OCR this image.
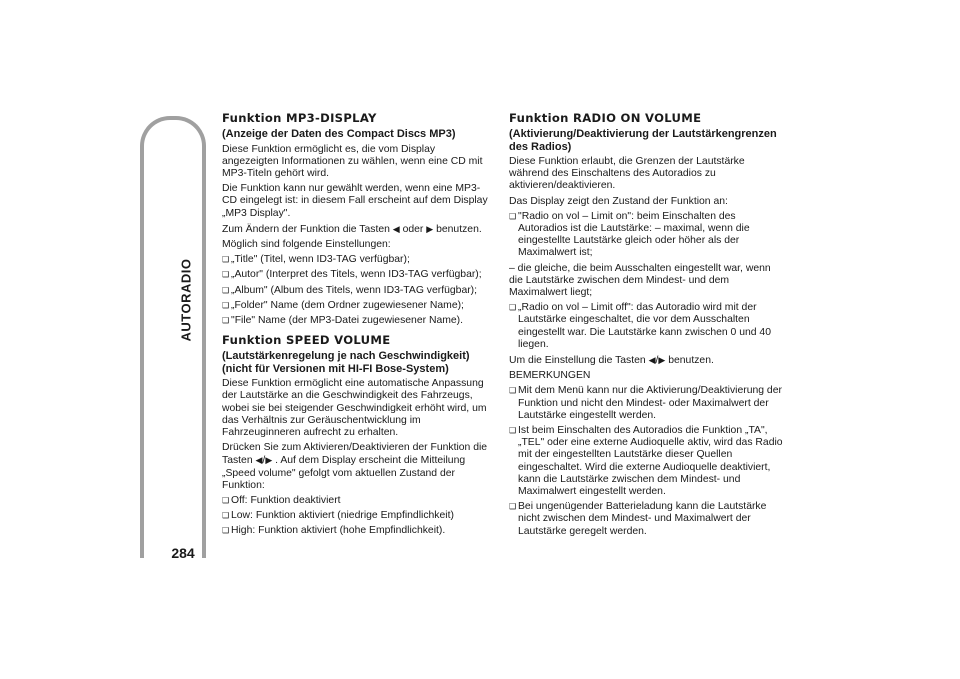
AUTORADIO
284

Funktion MP3-DISPLAY

(Anzeige der Daten des Compact Discs MP3)

Diese Funktion ermöglicht es, die vom Display angezeigten Informationen zu wählen, wenn eine CD mit MP3-Titeln gehört wird.

Die Funktion kann nur gewählt werden, wenn eine MP3-CD eingelegt ist: in diesem Fall erscheint auf dem Display „MP3 Display".

Zum Ändern der Funktion die Tasten ◀ oder ▶ benutzen.

Möglich sind folgende Einstellungen:

❑ „Title" (Titel, wenn ID3-TAG verfügbar);

❑ „Autor" (Interpret des Titels, wenn ID3-TAG verfügbar);

❑ „Album" (Album des Titels, wenn ID3-TAG verfügbar);

❑ „Folder" Name (dem Ordner zugewiesener Name);

❑ "File" Name (der MP3-Datei zugewiesener Name).

Funktion SPEED VOLUME

(Lautstärkenregelung je nach Geschwindigkeit) (nicht für Versionen mit HI-FI Bose-System)

Diese Funktion ermöglicht eine automatische Anpassung der Lautstärke an die Geschwindigkeit des Fahrzeugs, wobei sie bei steigender Geschwindigkeit erhöht wird, um das Verhältnis zur Geräuschentwicklung im Fahrzeuginneren aufrecht zu erhalten.

Drücken Sie zum Aktivieren/Deaktivieren der Funktion die Tasten ◀/▶ . Auf dem Display erscheint die Mitteilung „Speed volume" gefolgt vom aktuellen Zustand der Funktion:

❑ Off: Funktion deaktiviert

❑ Low: Funktion aktiviert (niedrige Empfindlichkeit)

❑ High: Funktion aktiviert (hohe Empfindlichkeit).

Funktion RADIO ON VOLUME

(Aktivierung/Deaktivierung der Lautstärkengrenzen des Radios)

Diese Funktion erlaubt, die Grenzen der Lautstärke während des Einschaltens des Autoradios zu aktivieren/deaktivieren.

Das Display zeigt den Zustand der Funktion an:

❑ "Radio on vol – Limit on": beim Einschalten des Autoradios ist die Lautstärke: – maximal, wenn die eingestellte Lautstärke gleich oder höher als der Maximalwert ist;

– die gleiche, die beim Ausschalten eingestellt war, wenn die Lautstärke zwischen dem Mindest- und dem Maximalwert liegt;

❑ „Radio on vol – Limit off": das Autoradio wird mit der Lautstärke eingeschaltet, die vor dem Ausschalten eingestellt war. Die Lautstärke kann zwischen 0 und 40 liegen.

Um die Einstellung die Tasten ◀/▶ benutzen.

BEMERKUNGEN

❑ Mit dem Menü kann nur die Aktivierung/Deaktivierung der Funktion und nicht den Mindest- oder Maximalwert der Lautstärke eingestellt werden.

❑ Ist beim Einschalten des Autoradios die Funktion „TA", „TEL" oder eine externe Audioquelle aktiv, wird das Radio mit der eingestellten Lautstärke dieser Quellen eingeschaltet. Wird die externe Audioquelle deaktiviert, kann die Lautstärke zwischen dem Mindest- und Maximalwert eingestellt werden.

❑ Bei ungenügender Batterieladung kann die Lautstärke nicht zwischen dem Mindest- und Maximalwert der Lautstärke geregelt werden.
